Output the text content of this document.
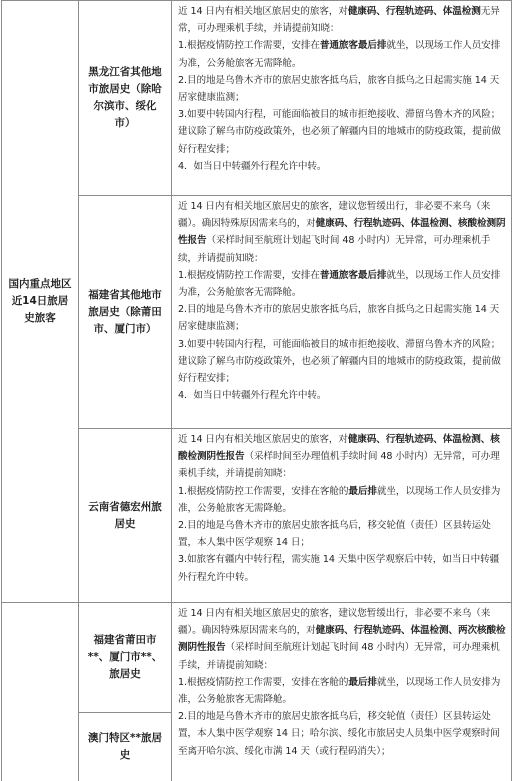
国内重点地区近14日旅居史旅客
黑龙江省其他地市旅居史（除哈尔滨市、绥化市）
福建省其他地市旅居史（除莆田市、厦门市）
云南省德宏州旅居史
福建省莆田市**、厦门市**、旅居史
澳门特区**旅居史

近 14 日内有相关地区旅居史的旅客，对健康码、行程轨迹码、体温检测无异常，可办理乘机手续，并请提前知晓：

1.根据疫情防控工作需要，安排在普通旅客最后排就坐，以现场工作人员安排为准，公务舱旅客无需降舱。

2.目的地是乌鲁木齐市的旅居史旅客抵乌后，旅客自抵乌之日起需实施 14 天居家健康监测；

3.如要中转国内行程，可能面临被目的城市拒绝接收、滞留乌鲁木齐的风险；建议除了解乌市防疫政策外，也必须了解疆内目的地城市的防疫政策，提前做好行程安排；

4．如当日中转疆外行程允许中转。

近 14 日内有相关地区旅居史的旅客，建议您暂缓出行，非必要不来乌（来疆）。确因特殊原因需来乌的，对健康码、行程轨迹码、体温检测、核酸检测阴性报告（采样时间至航班计划起飞时间 48 小时内）无异常，可办理乘机手续，并请提前知晓：

1.根据疫情防控工作需要，安排在普通旅客最后排就坐，以现场工作人员安排为准，公务舱旅客无需降舱。

2.目的地是乌鲁木齐市的旅居史旅客抵乌后，旅客自抵乌之日起需实施 14 天居家健康监测；

3.如要中转国内行程，可能面临被目的城市拒绝接收、滞留乌鲁木齐的风险；建议除了解乌市防疫政策外，也必须了解疆内目的地城市的防疫政策，提前做好行程安排；

4．如当日中转疆外行程允许中转。

近 14 日内有相关地区旅居史的旅客，对健康码、行程轨迹码、体温检测、核酸检测阴性报告（采样时间至办理值机手续时间 48 小时内）无异常，可办理乘机手续，并请提前知晓：

1.根据疫情防控工作需要，安排在客舱的最后排就坐，以现场工作人员安排为准，公务舱旅客无需降舱。

2.目的地是乌鲁木齐市的旅居史旅客抵乌后，移交轮值（责任）区县转运处置，本人集中医学观察 14 日；

3.如旅客有疆内中转行程，需实施 14 天集中医学观察后中转，如当日中转疆外行程允许中转。

近 14 日内有相关地区旅居史的旅客，建议您暂缓出行，非必要不来乌（来疆）。确因特殊原因需来乌的，对健康码、行程轨迹码、体温检测、两次核酸检测阴性报告（采样时间至航班计划起飞时间 48 小时内）无异常，可办理乘机手续，并请提前知晓：

1.根据疫情防控工作需要，安排在客舱的最后排就坐，以现场工作人员安排为准，公务舱旅客无需降舱。

2.目的地是乌鲁木齐市的旅居史旅客抵乌后，移交轮值（责任）区县转运处置，本人集中医学观察 14 日；哈尔滨、绥化市旅居史人员集中医学观察时间至离开哈尔滨、绥化市满 14 天（或行程码消失）；
